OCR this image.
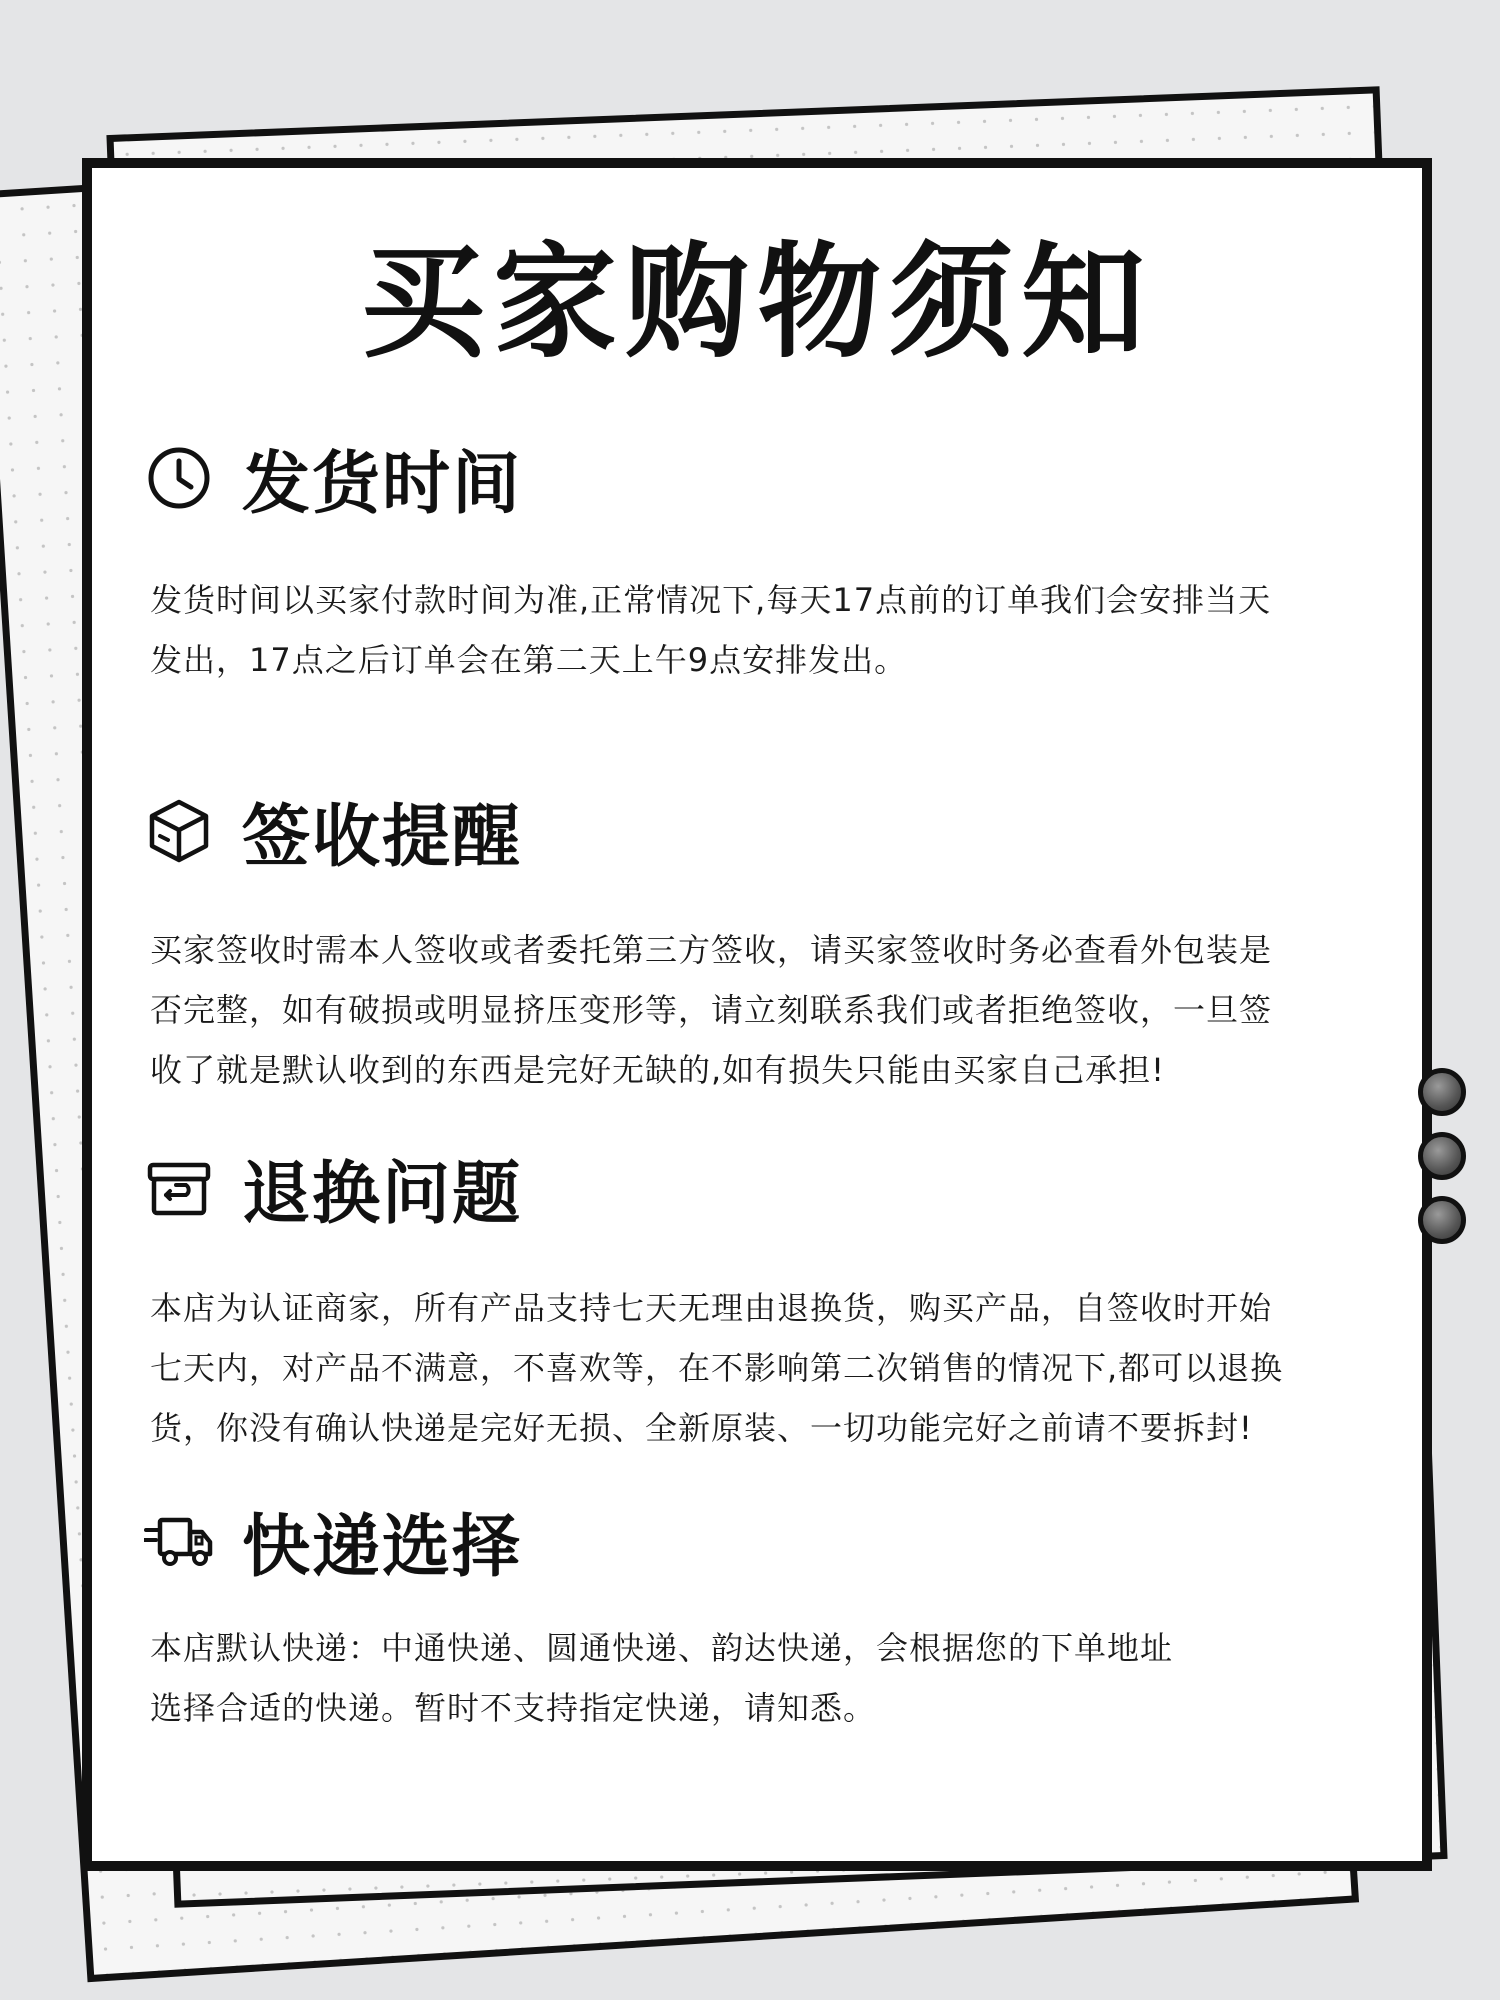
买家购物须知
发货时间

发货时间以买家付款时间为准,正常情况下,每天17点前的订单我们会安排当天

发出，17点之后订单会在第二天上午9点安排发出。

签收提醒

买家签收时需本人签收或者委托第三方签收，请买家签收时务必查看外包装是

否完整，如有破损或明显挤压变形等，请立刻联系我们或者拒绝签收，一旦签

收了就是默认收到的东西是完好无缺的,如有损失只能由买家自己承担!

退换问题

本店为认证商家，所有产品支持七天无理由退换货，购买产品，自签收时开始

七天内，对产品不满意，不喜欢等，在不影响第二次销售的情况下,都可以退换

货，你没有确认快递是完好无损、全新原装、一切功能完好之前请不要拆封!

快递选择

本店默认快递：中通快递、圆通快递、韵达快递，会根据您的下单地址

选择合适的快递。暂时不支持指定快递，请知悉。
